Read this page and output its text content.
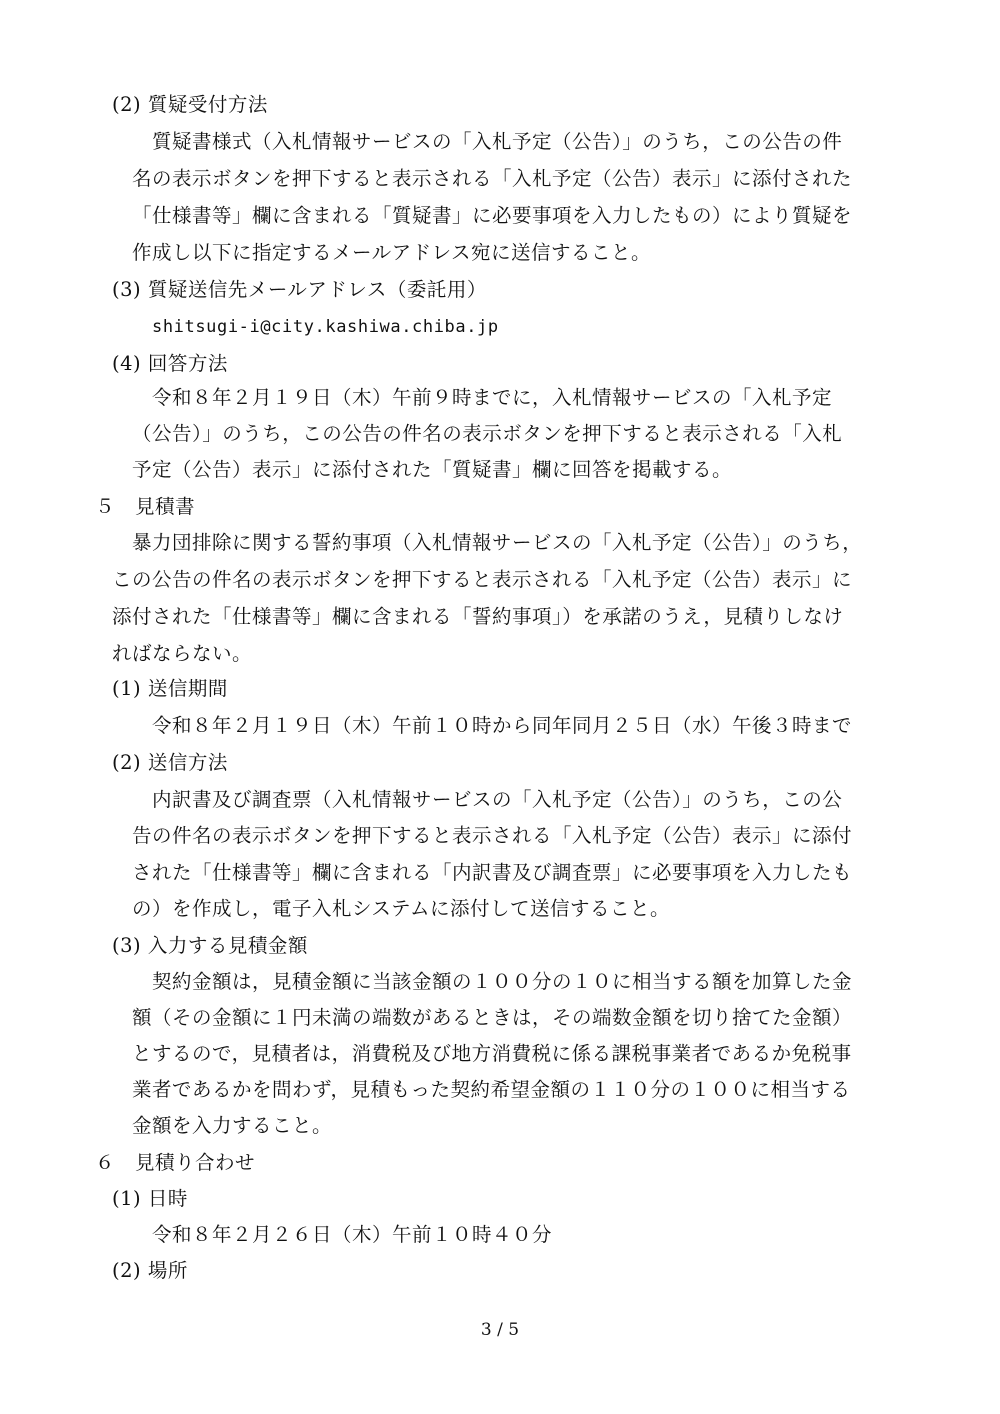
(2) 質疑受付方法
質疑書様式（入札情報サービスの「入札予定（公告）」のうち，この公告の件
名の表示ボタンを押下すると表示される「入札予定（公告）表示」に添付された
「仕様書等」欄に含まれる「質疑書」に必要事項を入力したもの）により質疑を
作成し以下に指定するメールアドレス宛に送信すること。
(3) 質疑送信先メールアドレス（委託用）
shitsugi-i@city.kashiwa.chiba.jp
(4) 回答方法
令和８年２月１９日（木）午前９時までに，入札情報サービスの「入札予定
（公告）」のうち，この公告の件名の表示ボタンを押下すると表示される「入札
予定（公告）表示」に添付された「質疑書」欄に回答を掲載する。
５　見積書
暴力団排除に関する誓約事項（入札情報サービスの「入札予定（公告）」のうち，
この公告の件名の表示ボタンを押下すると表示される「入札予定（公告）表示」に
添付された「仕様書等」欄に含まれる「誓約事項」）を承諾のうえ，見積りしなけ
ればならない。
(1) 送信期間
令和８年２月１９日（木）午前１０時から同年同月２５日（水）午後３時まで
(2) 送信方法
内訳書及び調査票（入札情報サービスの「入札予定（公告）」のうち，この公
告の件名の表示ボタンを押下すると表示される「入札予定（公告）表示」に添付
された「仕様書等」欄に含まれる「内訳書及び調査票」に必要事項を入力したも
の）を作成し，電子入札システムに添付して送信すること。
(3) 入力する見積金額
契約金額は，見積金額に当該金額の１００分の１０に相当する額を加算した金
額（その金額に１円未満の端数があるときは，その端数金額を切り捨てた金額）
とするので，見積者は，消費税及び地方消費税に係る課税事業者であるか免税事
業者であるかを問わず，見積もった契約希望金額の１１０分の１００に相当する
金額を入力すること。
６　見積り合わせ
(1) 日時
令和８年２月２６日（木）午前１０時４０分
(2) 場所
3 / 5
